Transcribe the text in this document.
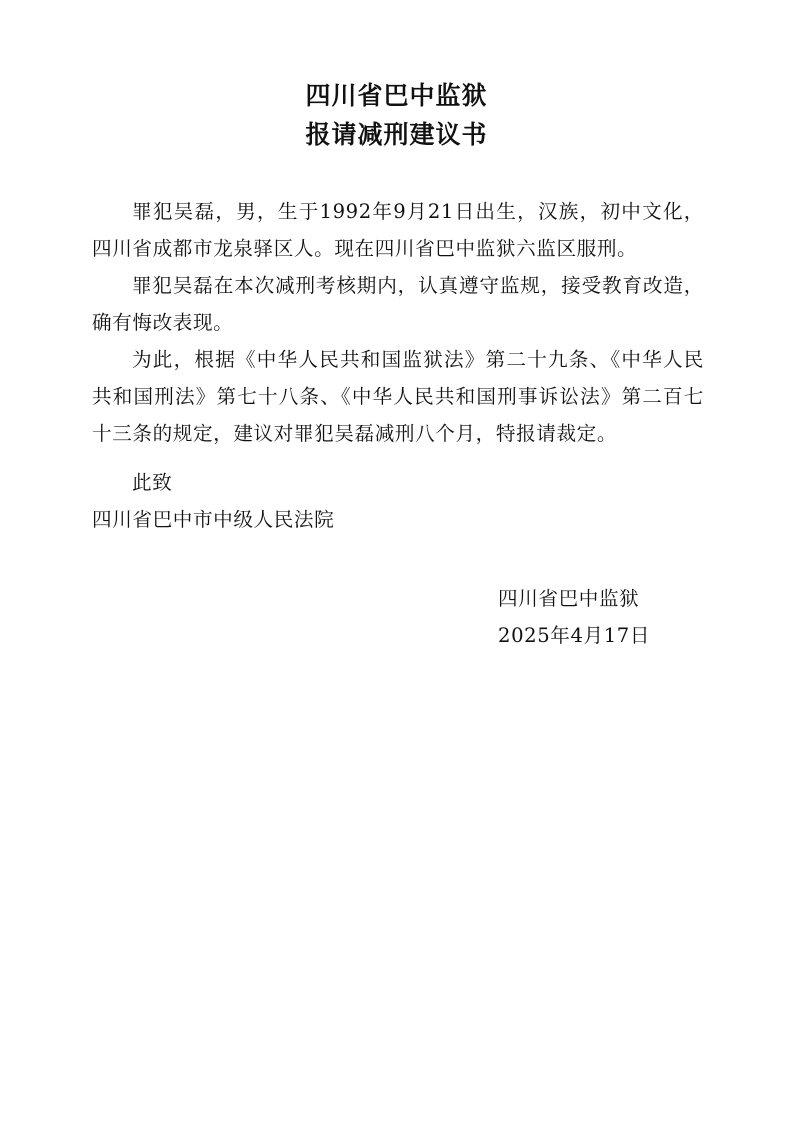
四川省巴中监狱
报请减刑建议书

罪犯吴磊，男，生于1992年9月21日出生，汉族，初中文化，四川省成都市龙泉驿区人。现在四川省巴中监狱六监区服刑。

罪犯吴磊在本次减刑考核期内，认真遵守监规，接受教育改造，确有悔改表现。

为此，根据《中华人民共和国监狱法》第二十九条、《中华人民共和国刑法》第七十八条、《中华人民共和国刑事诉讼法》第二百七十三条的规定，建议对罪犯吴磊减刑八个月，特报请裁定。

此致
四川省巴中市中级人民法院
四川省巴中监狱
2025年4月17日
